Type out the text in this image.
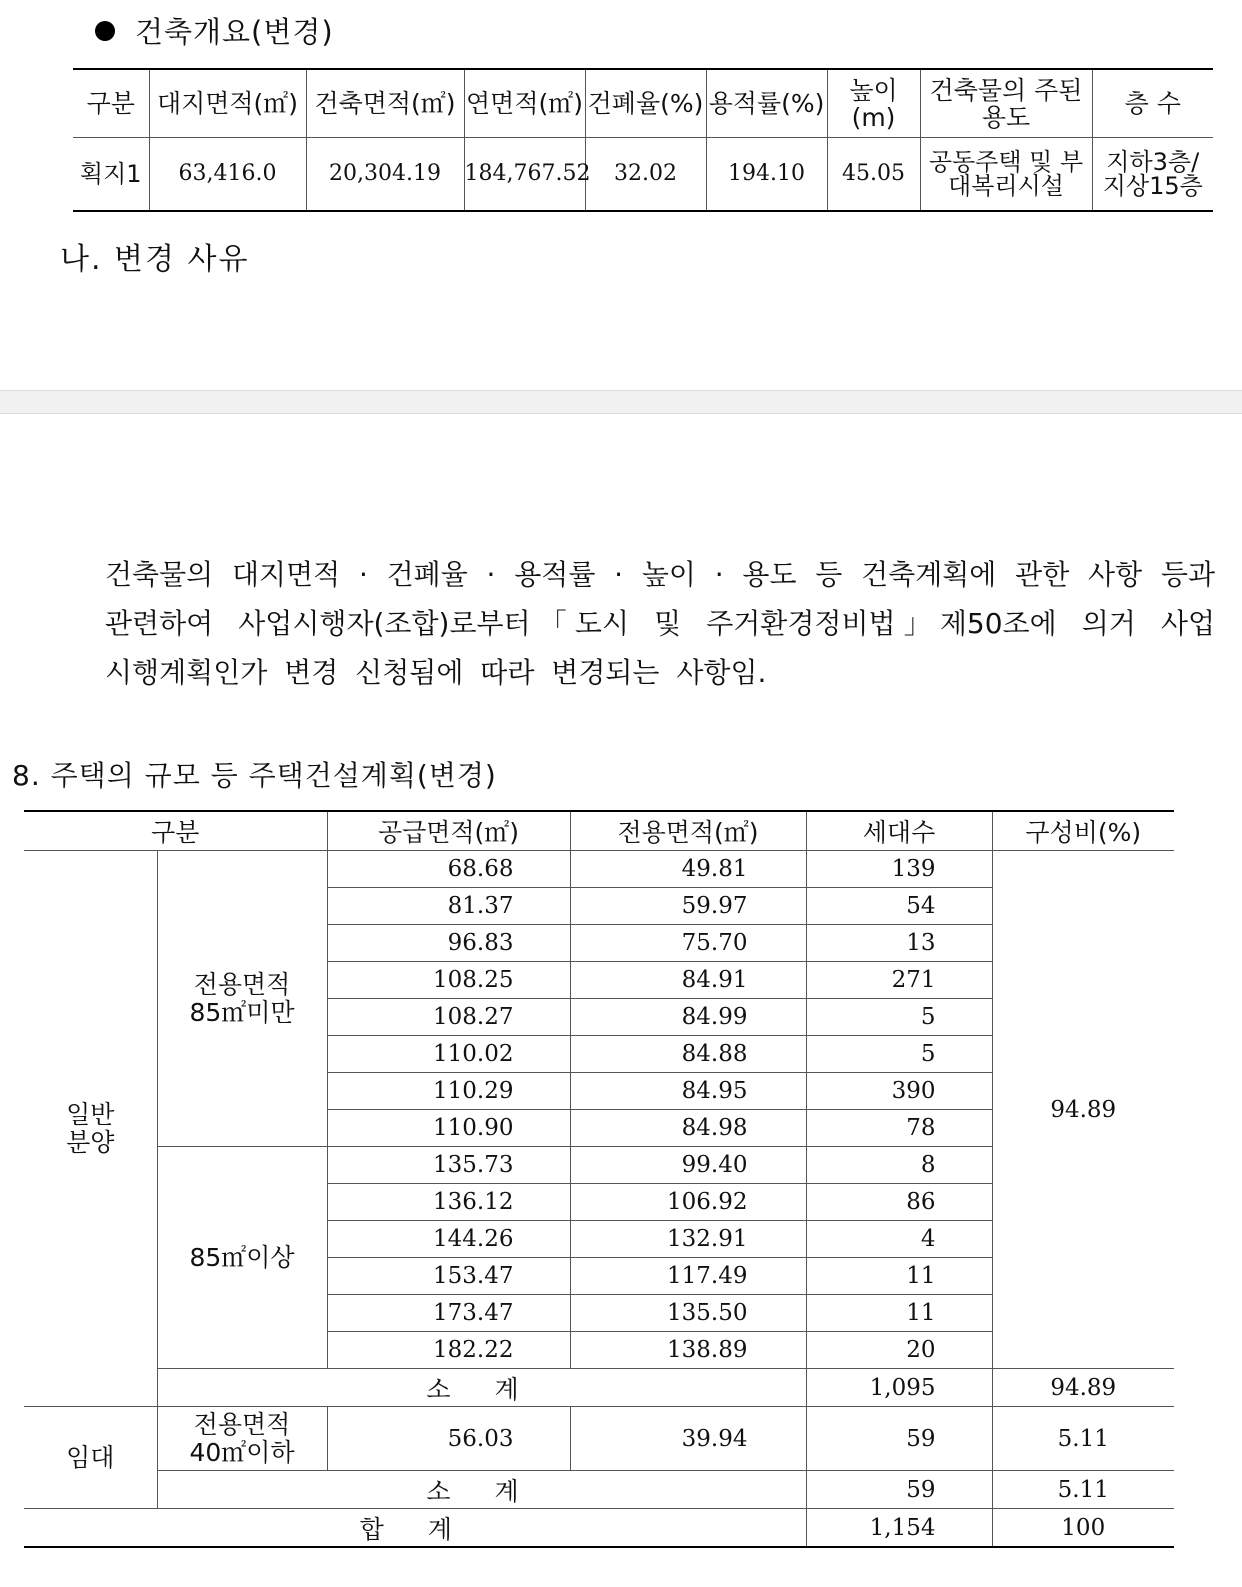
건축개요(변경)
구분	대지면적(㎡)	건축면적(㎡)	연면적(㎡)	건폐율(%)	용적률(%)	높이(m)	건축물의 주된용도	층 수
획지1	63,416.0	20,304.19	184,767.52	32.02	194.10	45.05	공동주택 및 부대복리시설	지하3층/ 지상15층
나. 변경 사유
건축물의 대지면적 · 건폐율 · 용적률 · 높이 · 용도 등 건축계획에 관한 사항 등과
관련하여 사업시행자(조합)로부터「도시 및 주거환경정비법」제50조에 의거 사업

시행계획인가 변경 신청됨에 따라 변경되는 사항임.
8. 주택의 규모 등 주택건설계획(변경)
구분		공급면적(㎡)	전용면적(㎡)	세대수	구성비(%)

일반 분양	전용면적 85㎡미만	68.68	49.81	139	94.89
		81.37	59.97	54	
		96.83	75.70	13	
		108.25	84.91	271	
		108.27	84.99	5	
		110.02	84.88	5	
		110.29	84.95	390	
		110.90	84.98	78	
	85㎡이상	135.73	99.40	8	
		136.12	106.92	86	
		144.26	132.91	4	
		153.47	117.49	11	
		173.47	135.50	11	
		182.22	138.89	20	
	소 계			1,095	94.89
임대	전용면적 40㎡이하	56.03	39.94	59	5.11
	소 계			59	5.11
합 계				1,154	100
